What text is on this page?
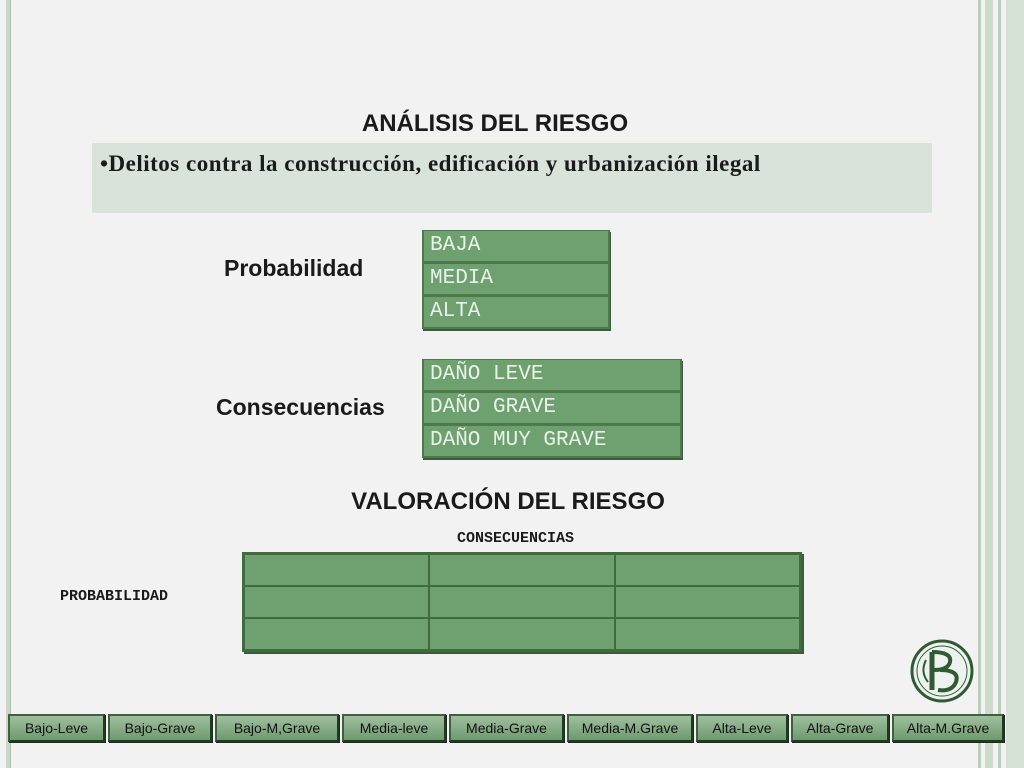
ANÁLISIS DEL RIESGO
•Delitos contra la construcción, edificación y urbanización ilegal
Probabilidad
BAJA
MEDIA
ALTA
Consecuencias
DAÑO LEVE
DAÑO GRAVE
DAÑO MUY GRAVE
VALORACIÓN DEL RIESGO
CONSECUENCIAS
PROBABILIDAD
Bajo-Leve	Bajo-Grave	Bajo-M,Grave	Media-leve	Media-Grave	Media-M.Grave	Alta-Leve	Alta-Grave	Alta-M.Grave
